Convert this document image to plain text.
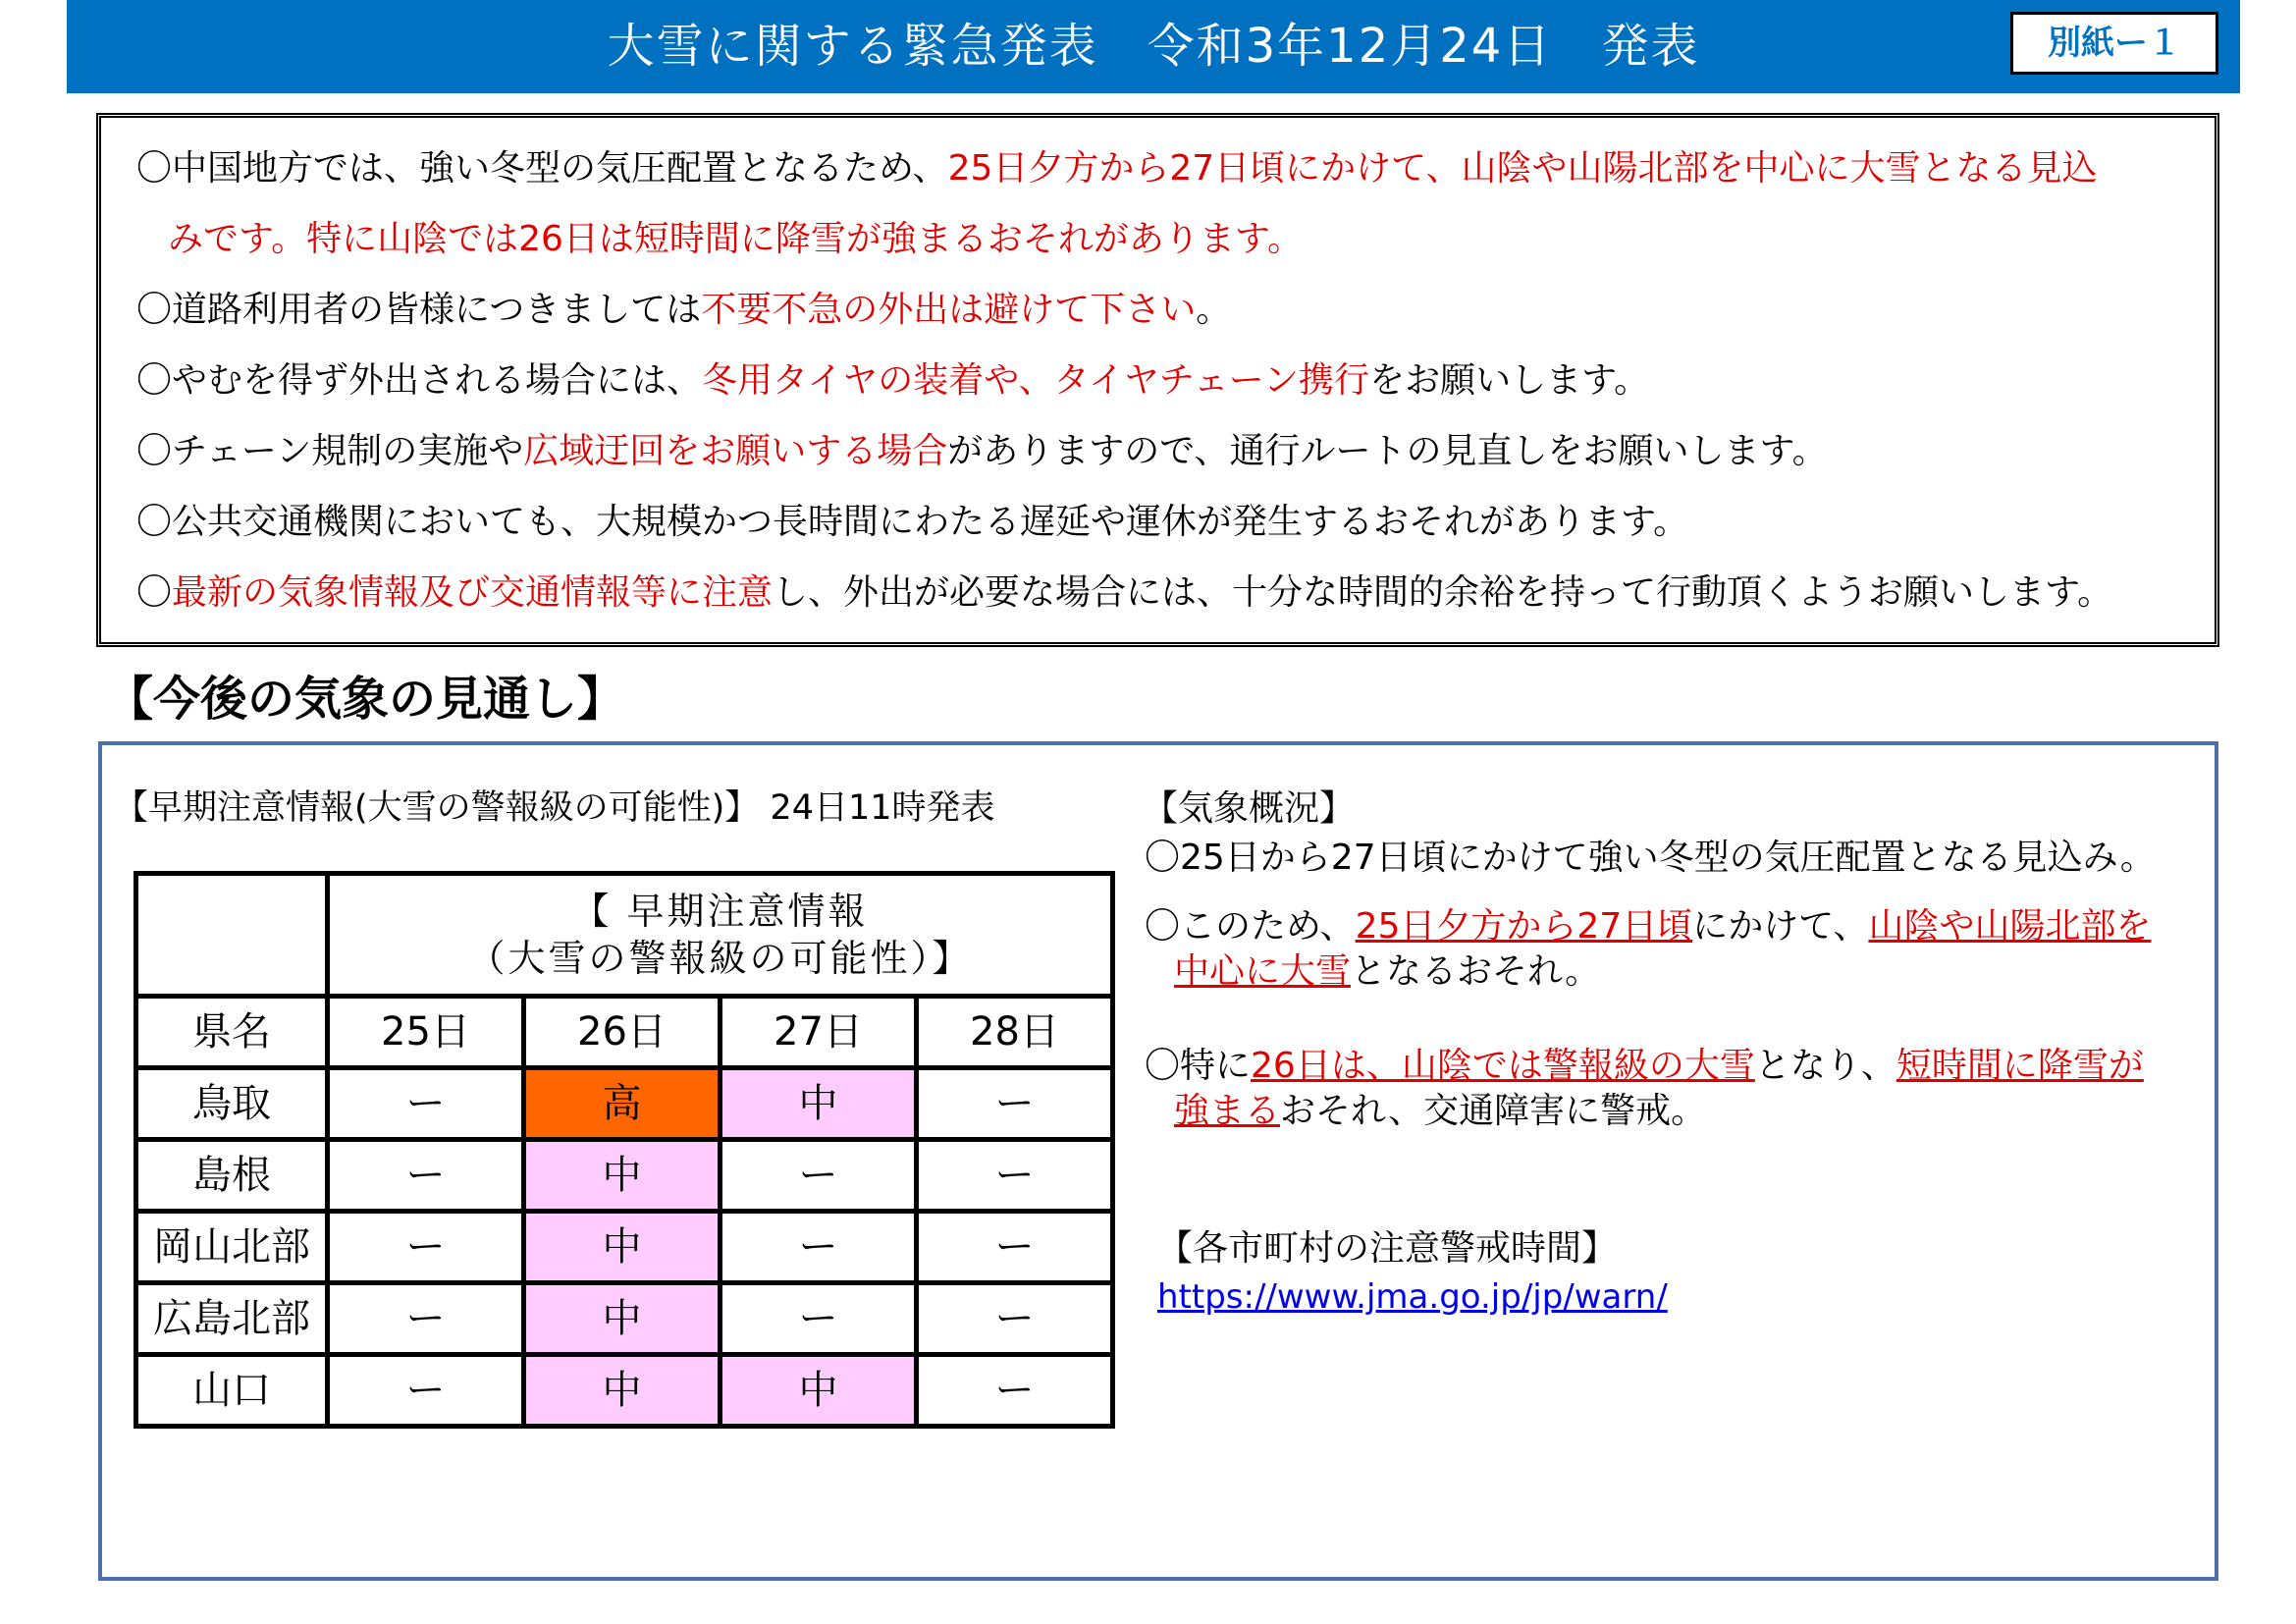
大雪に関する緊急発表　令和3年12月24日　発表	別紙ー１
〇中国地方では、強い冬型の気圧配置となるため、25日夕方から27日頃にかけて、山陰や山陽北部を中心に大雪となる見込
みです。特に山陰では26日は短時間に降雪が強まるおそれがあります。
〇道路利用者の皆様につきましては不要不急の外出は避けて下さい。
〇やむを得ず外出される場合には、冬用タイヤの装着や、タイヤチェーン携行をお願いします。
〇チェーン規制の実施や広域迂回をお願いする場合がありますので、通行ルートの見直しをお願いします。
〇公共交通機関においても、大規模かつ長時間にわたる遅延や運休が発生するおそれがあります。
〇最新の気象情報及び交通情報等に注意し、外出が必要な場合には、十分な時間的余裕を持って行動頂くようお願いします。
【今後の気象の見通し】
【早期注意情報(大雪の警報級の可能性)】 24日11時発表

	【 早期注意情報
（大雪の警報級の可能性）】			

県名	25日	26日	27日	28日
鳥取	ー	高	中	ー
島根	ー	中	ー	ー
岡山北部	ー	中	ー	ー
広島北部	ー	中	ー	ー
山口	ー	中	中	ー
【気象概況】
〇25日から27日頃にかけて強い冬型の気圧配置となる見込み。
〇このため、25日夕方から27日頃にかけて、山陰や山陽北部を
中心に大雪となるおそれ。
〇特に26日は、山陰では警報級の大雪となり、短時間に降雪が
強まるおそれ、交通障害に警戒。
【各市町村の注意警戒時間】
https://www.jma.go.jp/jp/warn/
